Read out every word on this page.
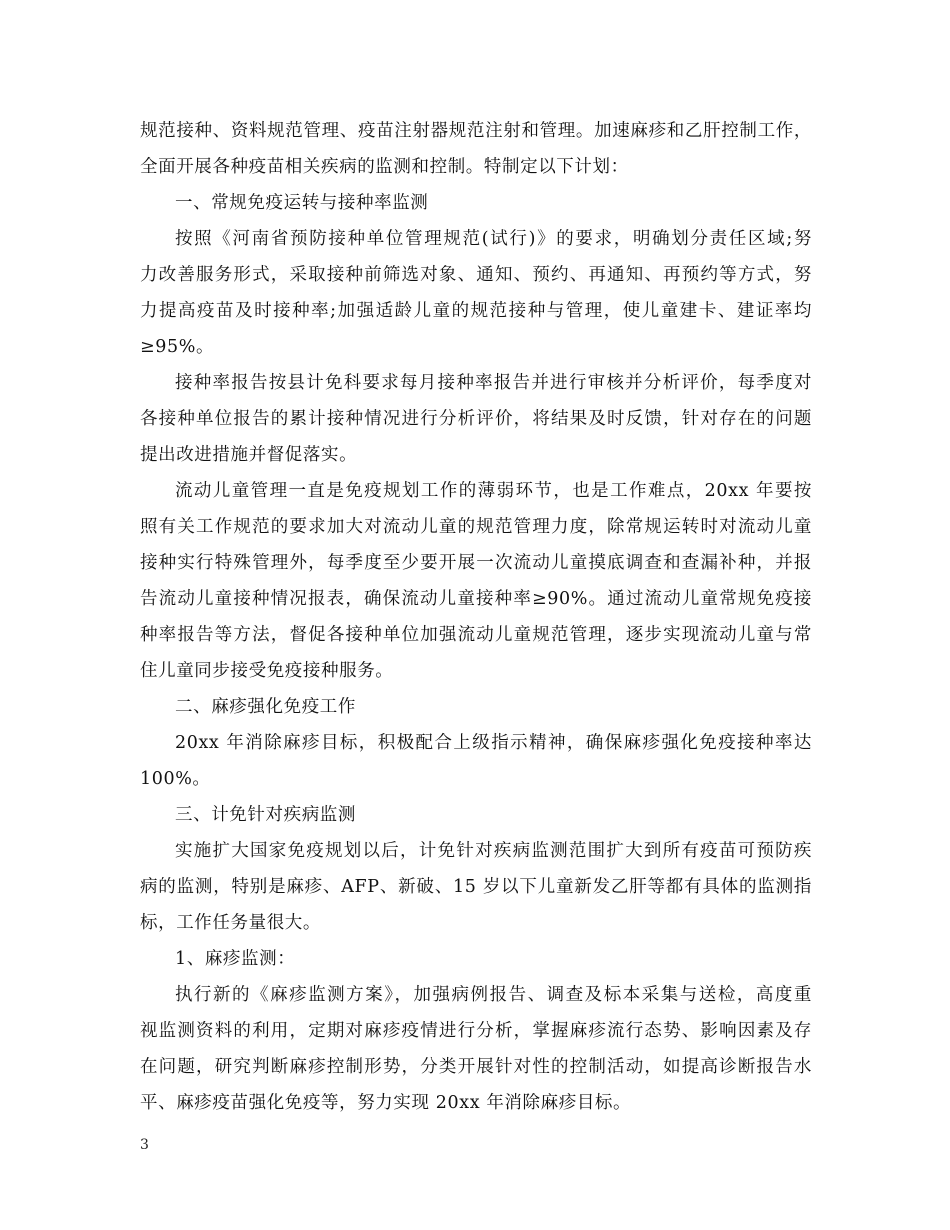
规范接种、资料规范管理、疫苗注射器规范注射和管理。加速麻疹和乙肝控制工作，
全面开展各种疫苗相关疾病的监测和控制。特制定以下计划：

一、常规免疫运转与接种率监测

按照《河南省预防接种单位管理规范(试行)》的要求，明确划分责任区域;努
力改善服务形式，采取接种前筛选对象、通知、预约、再通知、再预约等方式，努
力提高疫苗及时接种率;加强适龄儿童的规范接种与管理，使儿童建卡、建证率均
≥95%。

接种率报告按县计免科要求每月接种率报告并进行审核并分析评价，每季度对
各接种单位报告的累计接种情况进行分析评价，将结果及时反馈，针对存在的问题
提出改进措施并督促落实。

流动儿童管理一直是免疫规划工作的薄弱环节，也是工作难点，20xx 年要按
照有关工作规范的要求加大对流动儿童的规范管理力度，除常规运转时对流动儿童
接种实行特殊管理外，每季度至少要开展一次流动儿童摸底调查和查漏补种，并报
告流动儿童接种情况报表，确保流动儿童接种率≥90%。通过流动儿童常规免疫接
种率报告等方法，督促各接种单位加强流动儿童规范管理，逐步实现流动儿童与常
住儿童同步接受免疫接种服务。

二、麻疹强化免疫工作

20xx 年消除麻疹目标，积极配合上级指示精神，确保麻疹强化免疫接种率达
100%。

三、计免针对疾病监测

实施扩大国家免疫规划以后，计免针对疾病监测范围扩大到所有疫苗可预防疾
病的监测，特别是麻疹、AFP、新破、15 岁以下儿童新发乙肝等都有具体的监测指
标，工作任务量很大。

1、麻疹监测：

执行新的《麻疹监测方案》，加强病例报告、调查及标本采集与送检，高度重
视监测资料的利用，定期对麻疹疫情进行分析，掌握麻疹流行态势、影响因素及存
在问题，研究判断麻疹控制形势，分类开展针对性的控制活动，如提高诊断报告水
平、麻疹疫苗强化免疫等，努力实现 20xx 年消除麻疹目标。

3
